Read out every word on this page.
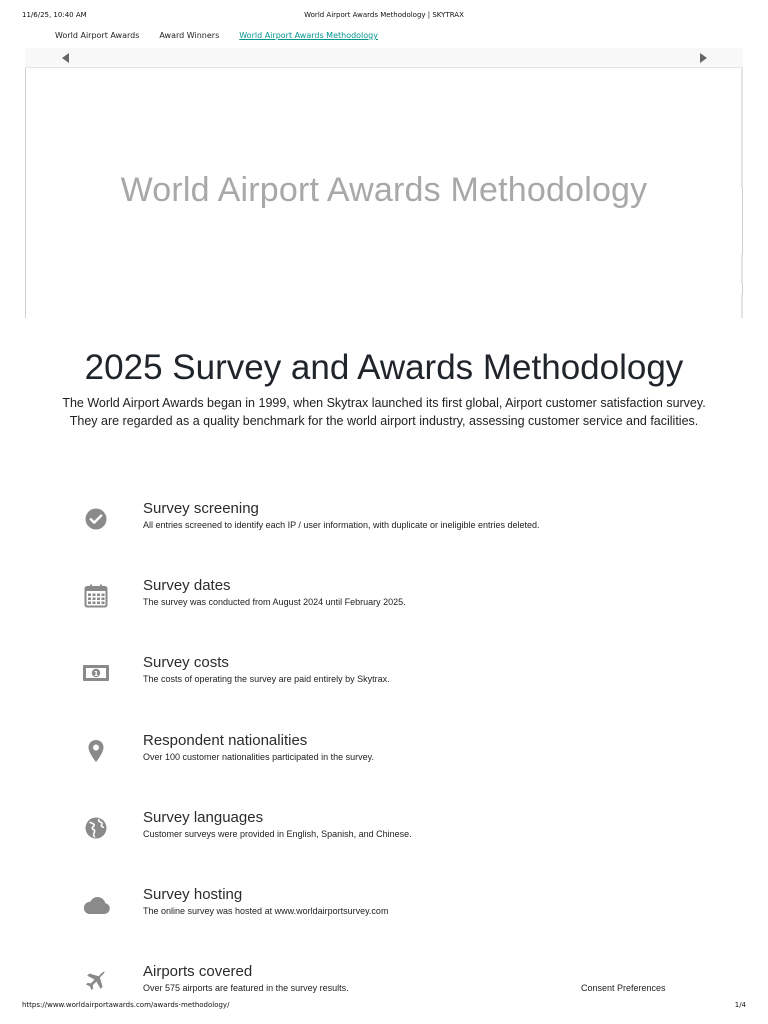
11/6/25, 10:40 AM	World Airport Awards Methodology | SKYTRAX
World Airport Awards	Award Winners	World Airport Awards Methodology
World Airport Awards Methodology
2025 Survey and Awards Methodology

The World Airport Awards began in 1999, when Skytrax launched its first global, Airport customer satisfaction survey. They are regarded as a quality benchmark for the world airport industry, assessing customer service and facilities.

Survey screening
All entries screened to identify each IP / user information, with duplicate or ineligible entries deleted.
Survey dates
The survey was conducted from August 2024 until February 2025.
1
Survey costs
The costs of operating the survey are paid entirely by Skytrax.
Respondent nationalities
Over 100 customer nationalities participated in the survey.
Survey languages
Customer surveys were provided in English, Spanish, and Chinese.
Survey hosting
The online survey was hosted at www.worldairportsurvey.com
Airports covered
Over 575 airports are featured in the survey results.	Consent Preferences
https://www.worldairportawards.com/awards-methodology/	1/4
